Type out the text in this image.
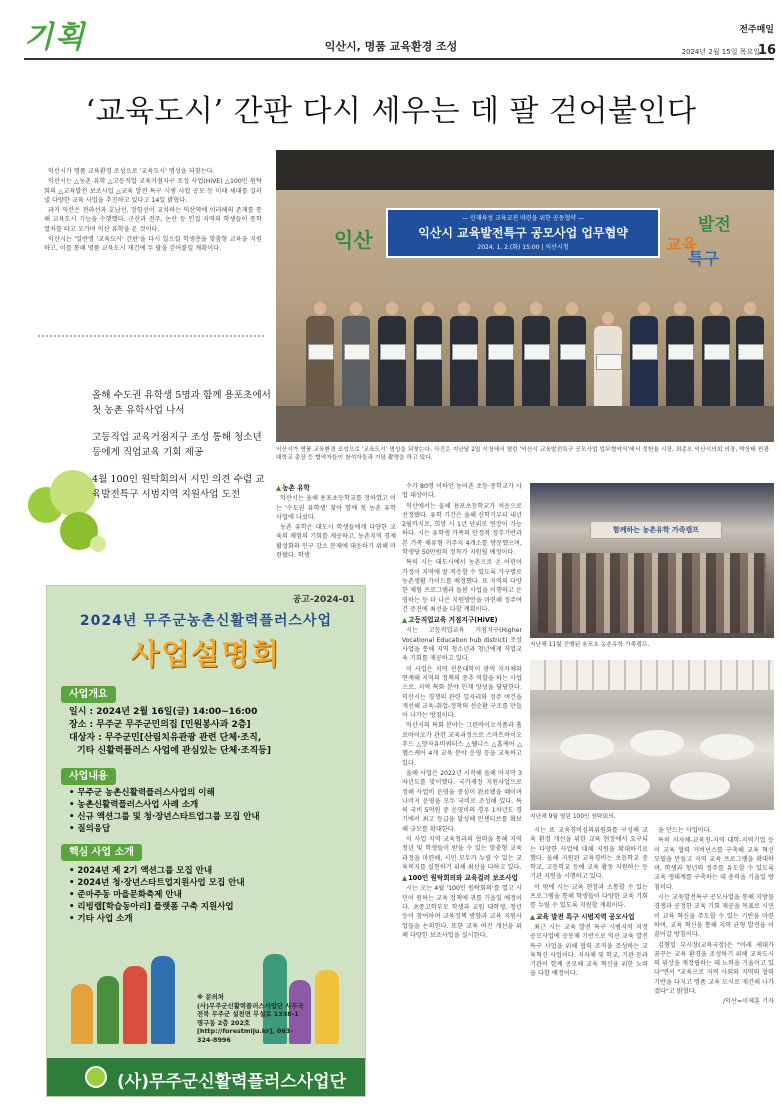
기획	익산시, 명품 교육환경 조성
전주매일
2024년 2월 15일 목요일
16
‘교육도시’ 간판 다시 세우는 데 팔 걷어붙인다

익산시가 명품 교육환경 조성으로 '교육도시' 명성을 되찾는다.

익산시는 △농촌 유학 △고등직업 교육거점지구 조성 사업(HiVE) △100인 원탁회의 △교육발전 보조사업 △교육 발전 특구 시범 사업 공모 등 미래 세대를 길러낼 다양한 교육 사업을 추진하고 있다고 14일 밝혔다.

과거 익산은 전라선과 호남선, 장항선이 교차하는 익산역에 이러해의 존재를 통해 교육도시 기능을 수행했다. 군산과 전주, 논산 등 인접 지역의 학생들이 통학 열차를 타고 오가며 익산 유학을 온 것이다.

익산시는 '일반명 '교육도시' 간판'을 다시 일으킬 학생층을 맞춤형 교육을 지원하고, 이를 통해 명품 교육도시 재건에 두 팔을 걷어붙일 계획이다.

올해 수도권 유학생 5명과 함께 용포초에서 첫 농촌 유학사업 나서

고등직업 교육거점지구 조성 통해 청소년 등에게 직업교육 기회 제공

4월 100인 원탁회의서 시민 의견 수렴 교육발전특구 시범지역 지원사업 도전

— 인재육성 교육교진 마련을 위한 공동협약 —
익산시 교육발전특구 공모사업 업무협약
2024. 1. 2.(화) 15:00 | 익산시청
익산	교육
발전
특구
익산시가 명품 교육환경 조성으로 '교육도시' 명성을 되찾는다. 사진은 지난달 2일 시청에서 열린 '익산시 교육발전특구 공모사업 업무협약식'에서 정헌율 시장, 최종오 익산시의회 의장, 박상태 원광대학교 총장 등 협약자들이 참석자들과 기념 촬영을 하고 있다.
▲농촌 유학

익산시는 올해 용포초등학교를 정하였고 이는 '수도권 유학생' 찾아 함께 첫 농촌 유학 사업에 나섰다.

농촌 유학은 대도시 학생들에게 다양한 교육의 체험의 기회를 제공하고, 농촌지역 경제 활성화와 인구 감소 문제에 대응하기 위해 마련됐다. 학생

수가 80명 이하인 농어촌 초등·중학교가 사업 대상이다.

익산에서는 올해 용포초등학교가 처음으로 선정됐다. 유학 기간은 올해 신학기부터 내년 2월까지로, 희망 시 1년 단위로 연장이 가능하다. 시는 유학생 가족의 안정적 정주기반과 본 가족 체류형 거주지 4개소를 방문했으며, 학생당 50만원의 정착가 지원될 예정이다.

특히 시는 대도시에서 농촌으로 온 어린이 가정이 지역에 잘 적응할 수 있도록 가구별로 농촌생활 가이드를 배정했다. 또 지역의 다양한 체험 프로그램과 돌봄 사업을 이행하고 운영하는 등 더 나은 지원방안을 마련해 정주여건 증진에 최선을 다할 계획이다.

▲고등직업교육 거점지구(HiVE)

시는 고등직업교육 거점지구(Higher Vocational Education hub district) 조성사업을 통해 지역 청소년과 청년에게 직업교육 기회를 제공하고 있다.

이 사업은 지역 전문대학이 광역 지자체와 연계해 지역의 정책의 중추 역할을 하는 사업으로, 지역 특화 분야 인재 양성을 담당한다. 익산시는 경쟁의 관련 일자리와 정주 여건을 개선해 교육-취업-정착의 선순환 구조를 만들어 나가는 방침이다.

익산시의 특화 분야는 그린바이오식품과 홀로바이오가 관련 교육과정으로 스마트바이오푸드 △양자유비쿼터스 △웰니스 △홈케어 △헬스케어 4개 교육 분야 운영 등을 교육하고 있다.

올해 사업은 2022년 시작해 올해 마지막 3차년도를 맞이했다. 국가재정 지원사업으로 정해 사업비 운영을 중심이 완료됐을 때이며 나머지 운영을 모두 국비로 조성해 있다. 특히 국비 5억원 중 운영비의 경우 1차년도 경기에서 최고 등급을 달성해 인센티브를 확보해 규모를 확대한다.

이 사업 지역 교육청과의 협력을 통해 지역 청년 및 학생들이 받을 수 있는 맞춤형 교육과정을 마련해, 시민 모두가 누릴 수 있는 교육복지를 실현하기 위해 최선을 다하고 있다.

▲100인 원탁회의와 교육걸러 보조사업

시는 오는 4월 '100인 원탁회의'를 열고 시민이 원하는 교육 정책에 귀를 기울일 예정이다. 초중고학부모 학생과 교원 대학생, 청년 등이 참여하며 교육정책 방향과 교육 지원사업들을 논의한다. 또한 교육 여건 개선을 위해 다양한 보조사업을 실시한다.

시는 또 교육경비심의위원회를 구성해 교육 환경 개선을 위한 교육 현장에서 요구되는 다양한 사업에 대해 지원을 확대하기로 했다. 올해 지원된 교육경비는 초등학교 중학교, 고등학교 등에 교육 활동 지원하는 등 기관 지원을 시행하고 있다.

이 밖에 시는 교육 현장과 소통할 수 있는 프로그램을 통해 학생들이 다양한 교육 기회를 누릴 수 있도록 지원할 계획이다.

▲교육 발전 특구 시범지역 공모사업

최근 시는 교육 발전 특구 시범지역 지정 공모사업에 공동체 기반으로 익산 교육 발전 특구 사업을 위해 협력 조직을 조성하는 교육혁신 사업이다. 지자체 및 학교, 기관 등과 기관이 함께 공모해 교육 혁신을 위한 노력을 다할 예정이다.

을 만드는 사업이다.

특히 지자체-교육청-지역 대학-지역기업 등이 교육 협력 거버넌스를 구축해 교육 혁신 모델을 만들고 지역 교육 프로그램을 확대하며, 학생과 청년의 정주를 유도할 수 있도록 교육 생태계를 구축하는 데 총력을 기울일 방침이다.

시는 교육발전특구 공모사업을 통해 지방물 경쟁과 공정한 교육 기회 제공을 목표로 시민이 교육 혁신을 주도할 수 있는 기반을 마련하며, 교육 혁신을 통해 지역 균형 발전을 이끌어갈 방침이다.

김형일 부시장(교육국장)은 "미래 세대가 꿈꾸는 교육 환경을 조성하기 위해 교육도시의 위상을 재정립하는 데 노력을 기울이고 있다"면서 "교육으로 지역 사회와 지역의 협력 기반을 다지고 명품 교육 도시로 재건해 나가겠다"고 밝혔다.

/익산=이제훈 기자

함께하는 농촌유학 가족캠프
지난해 11월 진행된 용포초 농촌유학 가족캠프.
지난해 9월 열린 100인 원탁회의.
공고-2024-01
2024년 무주군농촌신활력플러스사업
사업설명회
사업개요
일시 : 2024년 2월 16일(금) 14:00~16:00
장소 : 무주군 무주군민의집 [민원봉사과 2층]
대상자 : 무주군민[산림치유관광 관련 단체·조직,
기타 신활력플러스 사업에 관심있는 단체·조직등]
사업내용
• 무주군 농촌신활력플러스사업의 이해
• 농촌신활력플러스사업 사례 소개
• 신규 액션그룹 및 청·장년스타트업그룹 모집 안내
• 질의응답
핵심 사업 소개
• 2024년 제 2기 액션그룹 모집 안내
• 2024년 청·장년스타트업지원사업 모집 안내
• 준마주동 마을문화축제 안내
• 리빙랩[학습동아리] 플랫폼 구축 지원사업
• 기타 사업 소개
※ 문의처
(사)무주군신활력플러스사업단 사무국
전북 무주군 설천면 무설로 1338-1 명구동 2층 202호
[http://forestmiju.kr], 063-324-8996
(사)무주군신활력플러스사업단
